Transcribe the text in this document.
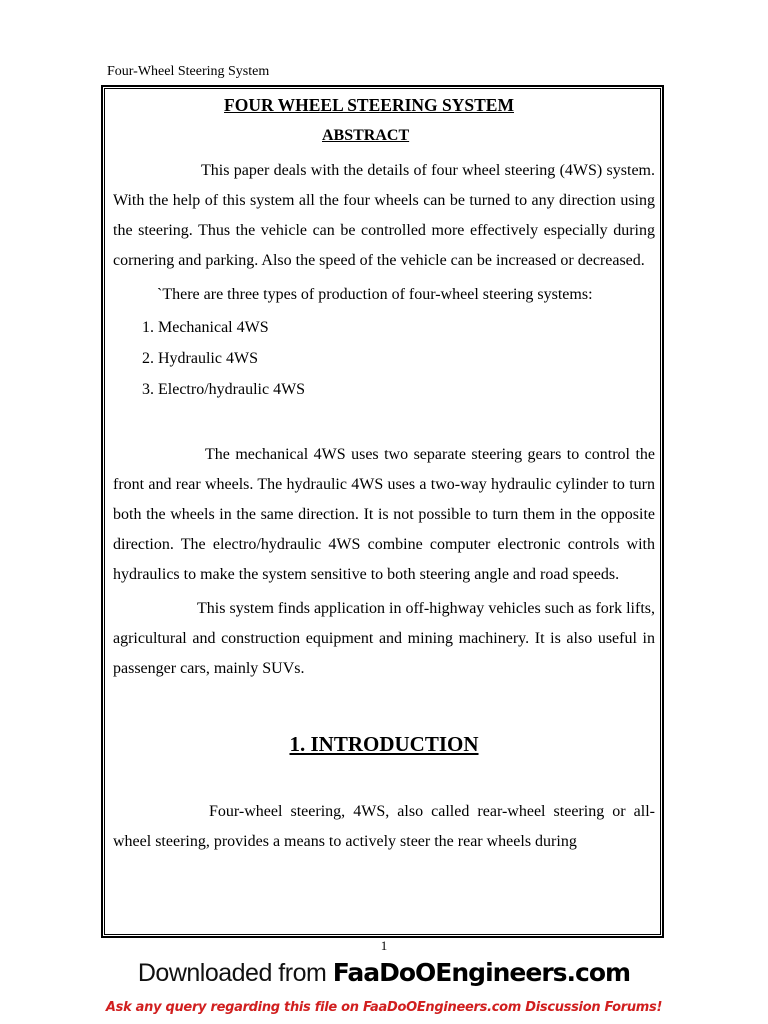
Four-Wheel Steering System
FOUR WHEEL STEERING SYSTEM
ABSTRACT

This paper deals with the details of four wheel steering (4WS) system. With the help of this system all the four wheels can be turned to any direction using the steering. Thus the vehicle can be controlled more effectively especially during cornering and parking. Also the speed of the vehicle can be increased or decreased.

`There are three types of production of four-wheel steering systems:

1. Mechanical 4WS
2. Hydraulic 4WS
3. Electro/hydraulic 4WS

The mechanical 4WS uses two separate steering gears to control the front and rear wheels. The hydraulic 4WS uses a two-way hydraulic cylinder to turn both the wheels in the same direction. It is not possible to turn them in the opposite direction. The electro/hydraulic 4WS combine computer electronic controls with hydraulics to make the system sensitive to both steering angle and road speeds.

This system finds application in off-highway vehicles such as fork lifts, agricultural and construction equipment and mining machinery. It is also useful in passenger cars, mainly SUVs.

1. INTRODUCTION

Four-wheel steering, 4WS, also called rear-wheel steering or all-wheel steering, provides a means to actively steer the rear wheels during

1
Downloaded from FaaDoOEngineers.com
Ask any query regarding this file on FaaDoOEngineers.com Discussion Forums!
